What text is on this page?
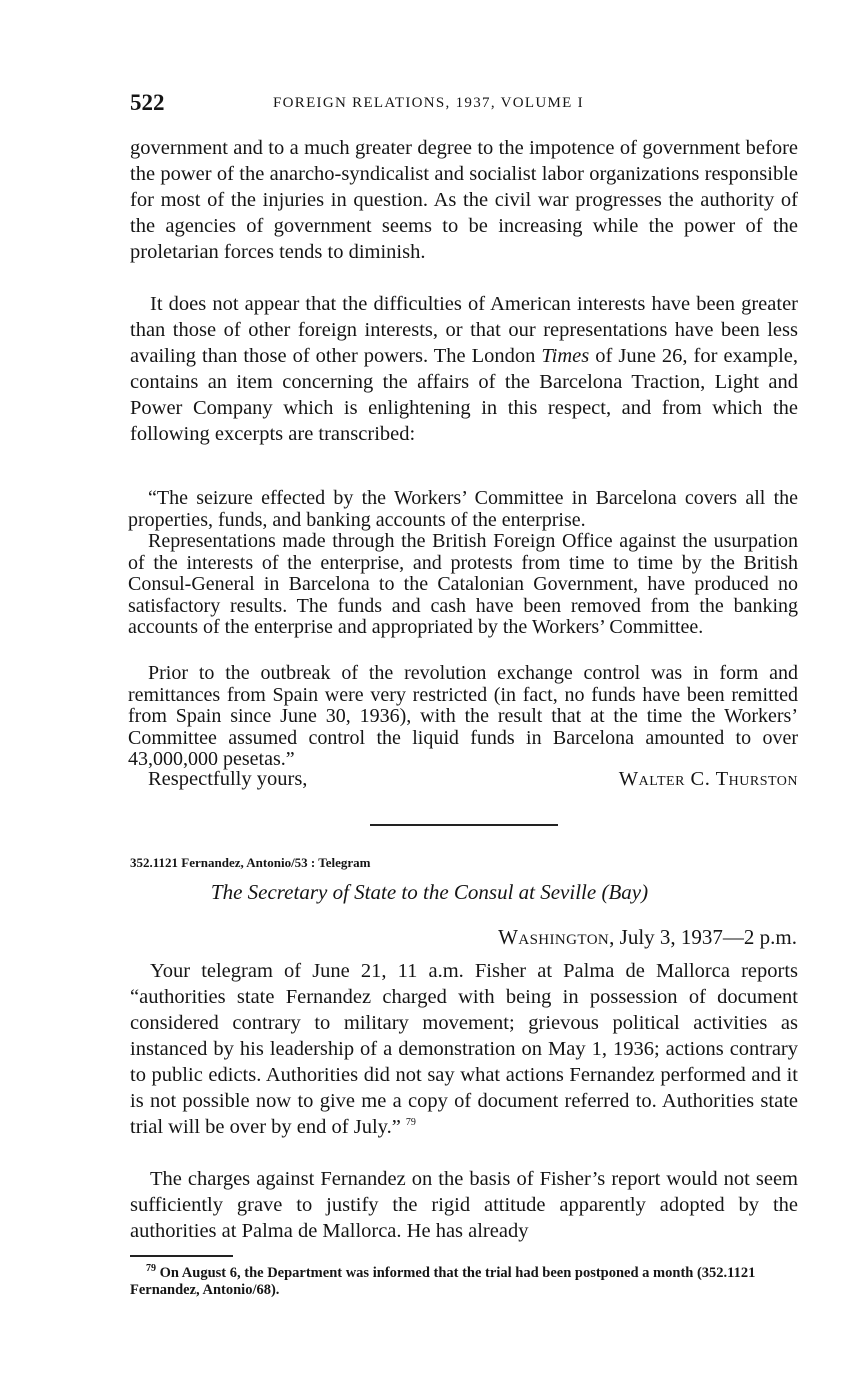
522	FOREIGN RELATIONS, 1937, VOLUME I

government and to a much greater degree to the impotence of government before the power of the anarcho-syndicalist and socialist labor organizations responsible for most of the injuries in question. As the civil war progresses the authority of the agencies of government seems to be increasing while the power of the proletarian forces tends to diminish.

It does not appear that the difficulties of American interests have been greater than those of other foreign interests, or that our representations have been less availing than those of other powers. The London Times of June 26, for example, contains an item concerning the affairs of the Barcelona Traction, Light and Power Company which is enlightening in this respect, and from which the following excerpts are transcribed:

“The seizure effected by the Workers’ Committee in Barcelona covers all the properties, funds, and banking accounts of the enterprise.

Representations made through the British Foreign Office against the usurpation of the interests of the enterprise, and protests from time to time by the British Consul-General in Barcelona to the Catalonian Government, have produced no satisfactory results. The funds and cash have been removed from the banking accounts of the enterprise and appropriated by the Workers’ Committee.

Prior to the outbreak of the revolution exchange control was in form and remittances from Spain were very restricted (in fact, no funds have been remitted from Spain since June 30, 1936), with the result that at the time the Workers’ Committee assumed control the liquid funds in Barcelona amounted to over 43,000,000 pesetas.”

Respectfully yours,	Walter C. Thurston
352.1121 Fernandez, Antonio/53 : Telegram
The Secretary of State to the Consul at Seville (Bay)
Washington, July 3, 1937—2 p.m.

Your telegram of June 21, 11 a.m. Fisher at Palma de Mallorca reports “authorities state Fernandez charged with being in possession of document considered contrary to military movement; grievous political activities as instanced by his leadership of a demonstration on May 1, 1936; actions contrary to public edicts. Authorities did not say what actions Fernandez performed and it is not possible now to give me a copy of document referred to. Authorities state trial will be over by end of July.” $^{79}$

The charges against Fernandez on the basis of Fisher’s report would not seem sufficiently grave to justify the rigid attitude apparently adopted by the authorities at Palma de Mallorca. He has already

$^{79}$ On August 6, the Department was informed that the trial had been postponed a month (352.1121 Fernandez, Antonio/68).
